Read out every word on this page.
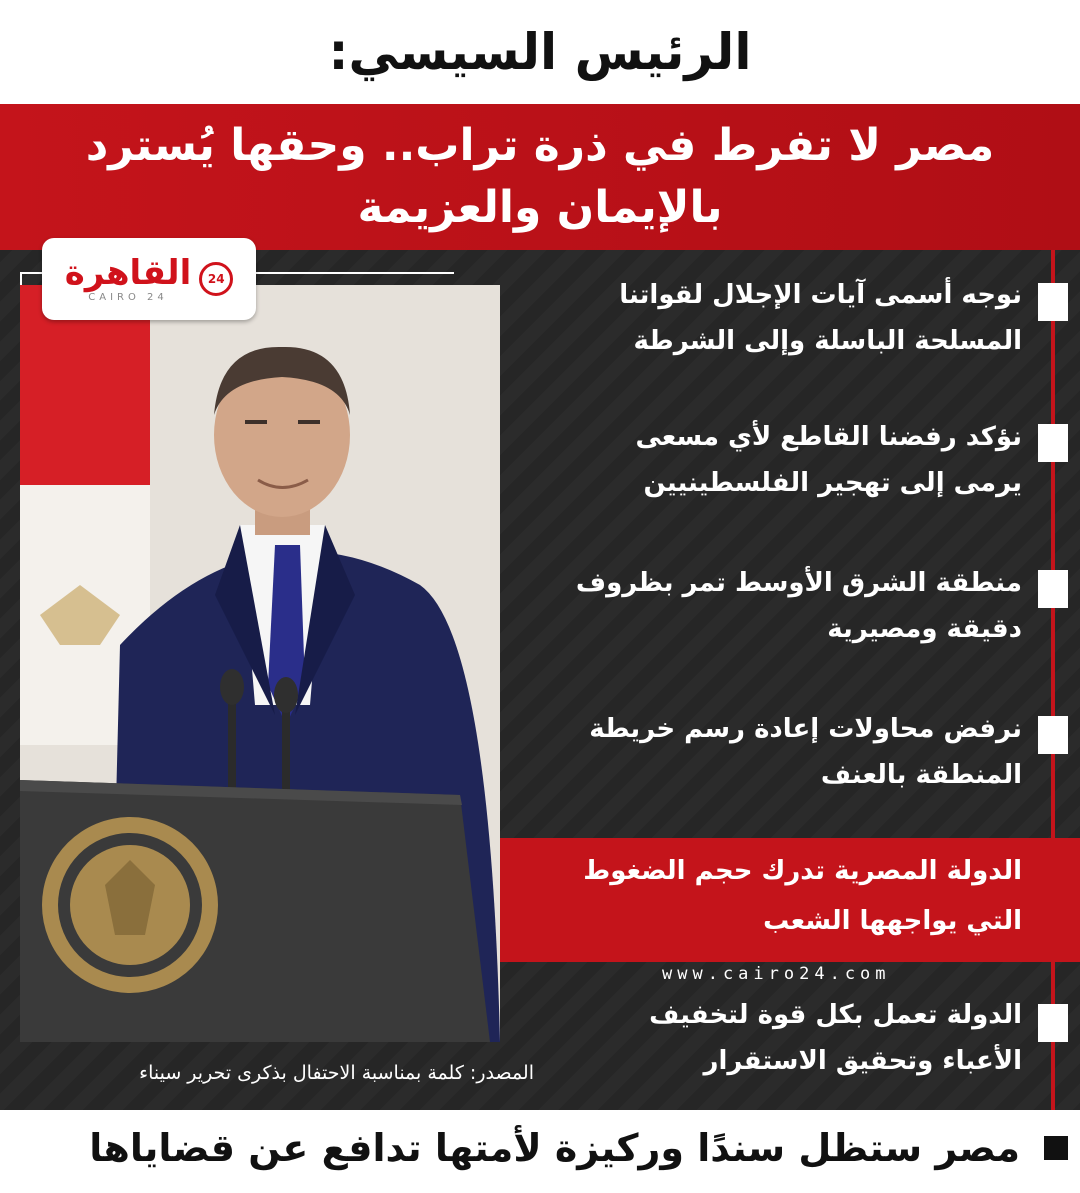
الرئيس السيسي:
مصر لا تفرط في ذرة تراب.. وحقها يُسترد
بالإيمان والعزيمة
القاهرة
CAIRO 24
24
نوجه أسمى آيات الإجلال لقواتنا
المسلحة الباسلة وإلى الشرطة
نؤكد رفضنا القاطع لأي مسعى
يرمى إلى تهجير الفلسطينيين
منطقة الشرق الأوسط تمر بظروف
دقيقة ومصيرية
نرفض محاولات إعادة رسم خريطة
المنطقة بالعنف
الدولة المصرية تدرك حجم الضغوط
التي يواجهها الشعب
www.cairo24.com
الدولة تعمل بكل قوة لتخفيف
الأعباء وتحقيق الاستقرار
المصدر: كلمة بمناسبة الاحتفال بذكرى تحرير سيناء
مصر ستظل سندًا وركيزة لأمتها تدافع عن قضاياها
